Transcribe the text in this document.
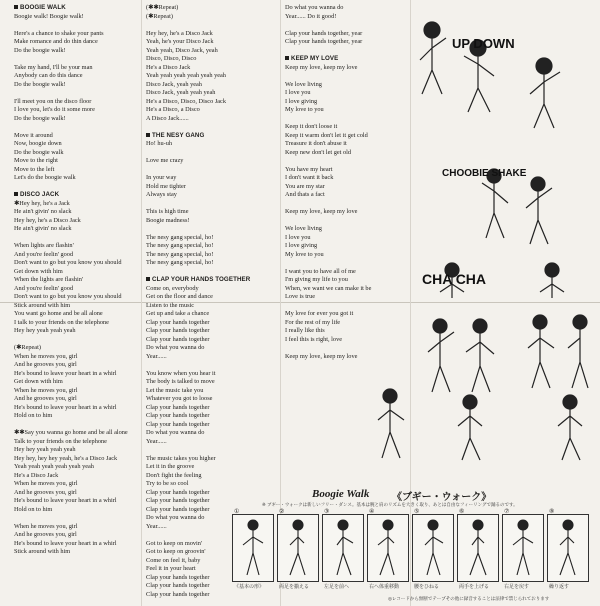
BOOGIE WALK
Boogie walk! Boogie walk!
Here's a chance to shake your pants
Make romance and do thin dance
Do the boogie walk!
Take my hand, I'll be your man
Anybody can do this dance
Do the boogie walk!
I'll meet you on the disco floor
I love you, let's do it some more
Do the boogie walk!
Move it around
Now, boogie down
Do the boogie walk
Move to the right
Move to the left
Let's do the boogie walk
DISCO JACK
✱Hey hey, he's a Jack
He ain't givin' no slack
Hey hey, he's a Disco Jack
He ain't givin' no slack
When lights are flashin'
And you're feelin' good
Don't want to go but you know you should
Get down with him
When the lights are flashin'
And you're feelin' good
Don't want to go but you know you should
Stick around with him
You want go home and be all alone
I talk to your friends on the telephone
Hey hey yeah yeah yeah
(✱Repeat)
When he moves you, girl
And he grooves you, girl
He's bound to leave your heart in a whirl
Get down with him
When he moves you, girl
And he grooves you, girl
He's bound to leave your heart in a whirl
Hold on to him
✱✱Say you wanna go home and be all alone
Talk to your friends on the telephone
Hey hey yeah yeah yeah
Hey hey, hey hey yeah, he's a Disco Jack
Yeah yeah yeah yeah yeah yeah
He's a Disco Jack
When he moves you, girl
And he grooves you, girl
He's bound to leave your heart in a whirl
Hold on to him
When he moves you, girl
And he grooves you, girl
He's bound to leave your heart in a whirl
Stick around with him
(✱✱Repeat)
(✱Repeat)
Hey hey, he's a Disco Jack
Yeah, he's your Disco Jack
Yeah yeah, Disco Jack, yeah
Disco, Disco, Disco
He's a Disco Jack
Yeah yeah yeah yeah yeah yeah
Disco Jack, yeah yeah
Disco Jack, yeah yeah yeah
He's a Disco, Disco, Disco Jack
He's a Disco, a Disco
A Disco Jack......
THE NESY GANG
Ho! hu-uh
Love me crazy
In your way
Hold me tighter
Always stay
This is high time
Boogie madness!
The nesy gang special, ho!
The nesy gang special, ho!
The nesy gang special, ho!
The nesy gang special, ho!
CLAP YOUR HANDS TOGETHER
Come on, everybody
Get on the floor and dance
Listen to the music
Get up and take a chance
Clap your hands together
Clap your hands together
Clap your hands together
Do what you wanna do
Year......
You know when you hear it
The body is talked to move
Let the music take you
Whatever you got to loose
Clap your hands together
Clap your hands together
Clap your hands together
Do what you wanna do
Year......
The music takes you higher
Let it in the groove
Don't fight the feeling
Try to be so cool
Clap your hands together
Clap your hands together
Clap your hands together
Do what you wanna do
Year......
Got to keep on movin'
Got to keep on groovin'
Come on feel it, baby
Feel it in your heart
Clap your hands together
Clap your hands together
Clap your hands together
Do what you wanna do
Year...... Do it good!
Clap your hands together, year
Clap your hands together, year
KEEP MY LOVE
Keep my love, keep my love
We love living
I love you
I love giving
My love to you
Keep it don't loose it
Keep it warm don't let it get cold
Treasure it don't abuse it
Keep new don't let get old
You have my heart
I don't want it back
You are my star
And thats a fact
Keep my love, keep my love
We love living
I love you
I love giving
My love to you
I want you to have all of me
I'm giving my life to you
When, we want we can make it be
Love is true
My love for ever you got it
For the rest of my life
I really like this
I feel this is right, love
Keep my love, keep my love
UP DOWN
CHOOBIE SHAKE
CHA CHA
Boogie Walk 《ブギー・ウォーク》
※ ブギー・ウォークは新しいフリー・ダンス。基本は腕と肩のリズムを大きく取り、あとは自由なフィーリングで踊るのです。
①
《基本の形》
②
両足を揃える
③
左足を前へ
④
右へ体重移動
⑤
腰をひねる
⑥
両手を上げる
⑦
右足を戻す
⑧
繰り返す
◎レコードから無断でテープその他に録音することは法律で禁じられております
